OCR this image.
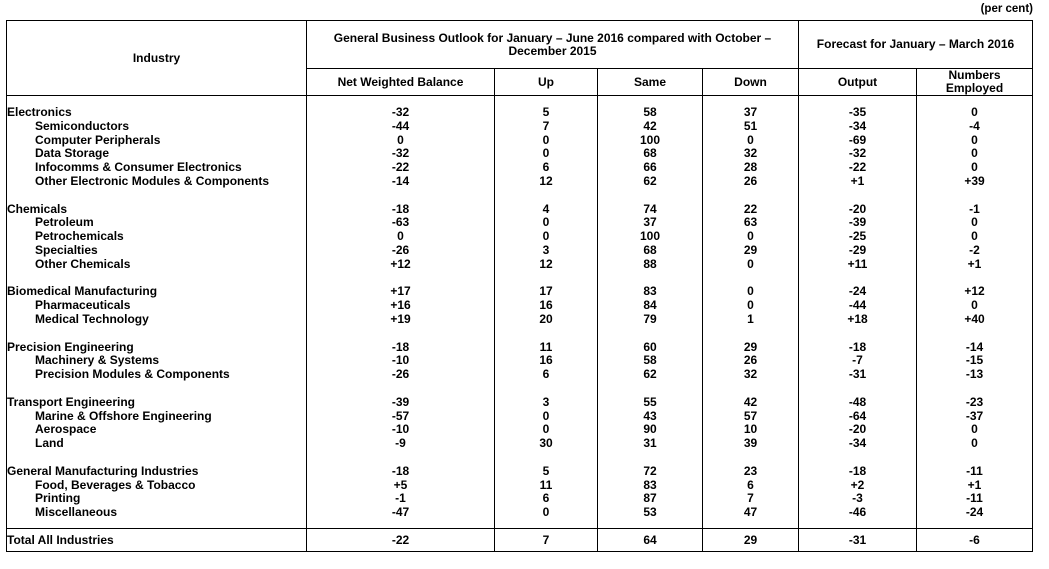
(per cent)
Industry	General Business Outlook for January – June 2016 compared with October – December 2015				Forecast for January – March 2016	
	Net Weighted Balance	Up	Same	Down	Output	Numbers Employed

Electronics	-32	5	58	37	-35	0
Semiconductors	-44	7	42	51	-34	-4
Computer Peripherals	0	0	100	0	-69	0
Data Storage	-32	0	68	32	-32	0
Infocomms & Consumer Electronics	-22	6	66	28	-22	0
Other Electronic Modules & Components	-14	12	62	26	+1	+39

Chemicals	-18	4	74	22	-20	-1
Petroleum	-63	0	37	63	-39	0
Petrochemicals	0	0	100	0	-25	0
Specialties	-26	3	68	29	-29	-2
Other Chemicals	+12	12	88	0	+11	+1

Biomedical Manufacturing	+17	17	83	0	-24	+12
Pharmaceuticals	+16	16	84	0	-44	0
Medical Technology	+19	20	79	1	+18	+40

Precision Engineering	-18	11	60	29	-18	-14
Machinery & Systems	-10	16	58	26	-7	-15
Precision Modules & Components	-26	6	62	32	-31	-13

Transport Engineering	-39	3	55	42	-48	-23
Marine & Offshore Engineering	-57	0	43	57	-64	-37
Aerospace	-10	0	90	10	-20	0
Land	-9	30	31	39	-34	0

General Manufacturing Industries	-18	5	72	23	-18	-11
Food, Beverages & Tobacco	+5	11	83	6	+2	+1
Printing	-1	6	87	7	-3	-11
Miscellaneous	-47	0	53	47	-46	-24

Total All Industries	-22	7	64	29	-31	-6
